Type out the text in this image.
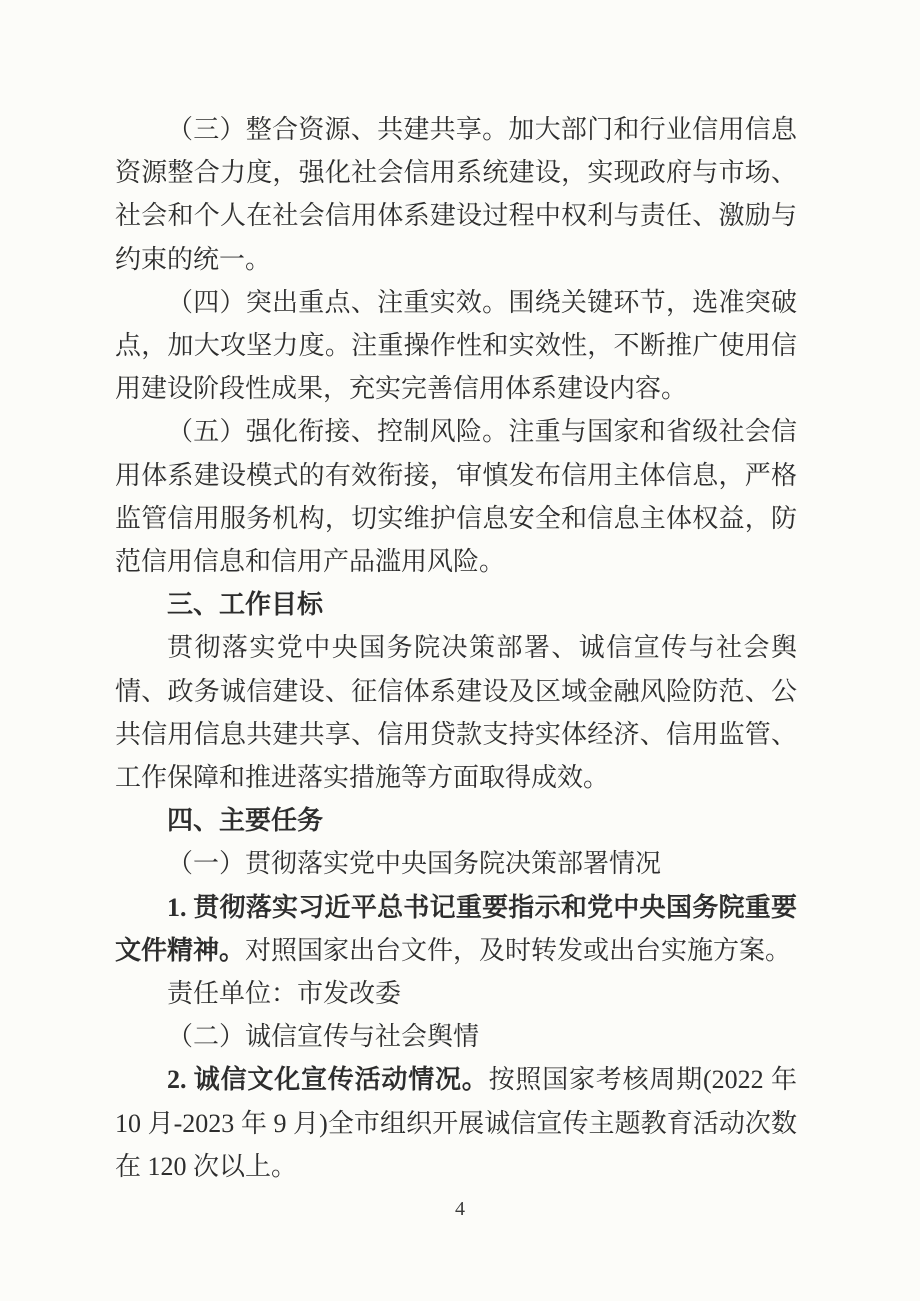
（三）整合资源、共建共享。加大部门和行业信用信息资源整合力度，强化社会信用系统建设，实现政府与市场、社会和个人在社会信用体系建设过程中权利与责任、激励与约束的统一。

（四）突出重点、注重实效。围绕关键环节，选准突破点，加大攻坚力度。注重操作性和实效性，不断推广使用信用建设阶段性成果，充实完善信用体系建设内容。

（五）强化衔接、控制风险。注重与国家和省级社会信用体系建设模式的有效衔接，审慎发布信用主体信息，严格监管信用服务机构，切实维护信息安全和信息主体权益，防范信用信息和信用产品滥用风险。

三、工作目标

贯彻落实党中央国务院决策部署、诚信宣传与社会舆情、政务诚信建设、征信体系建设及区域金融风险防范、公共信用信息共建共享、信用贷款支持实体经济、信用监管、工作保障和推进落实措施等方面取得成效。

四、主要任务

（一）贯彻落实党中央国务院决策部署情况

1. 贯彻落实习近平总书记重要指示和党中央国务院重要文件精神。对照国家出台文件，及时转发或出台实施方案。

责任单位：市发改委

（二）诚信宣传与社会舆情

2. 诚信文化宣传活动情况。按照国家考核周期(2022 年 10 月-2023 年 9 月)全市组织开展诚信宣传主题教育活动次数在 120 次以上。

4
